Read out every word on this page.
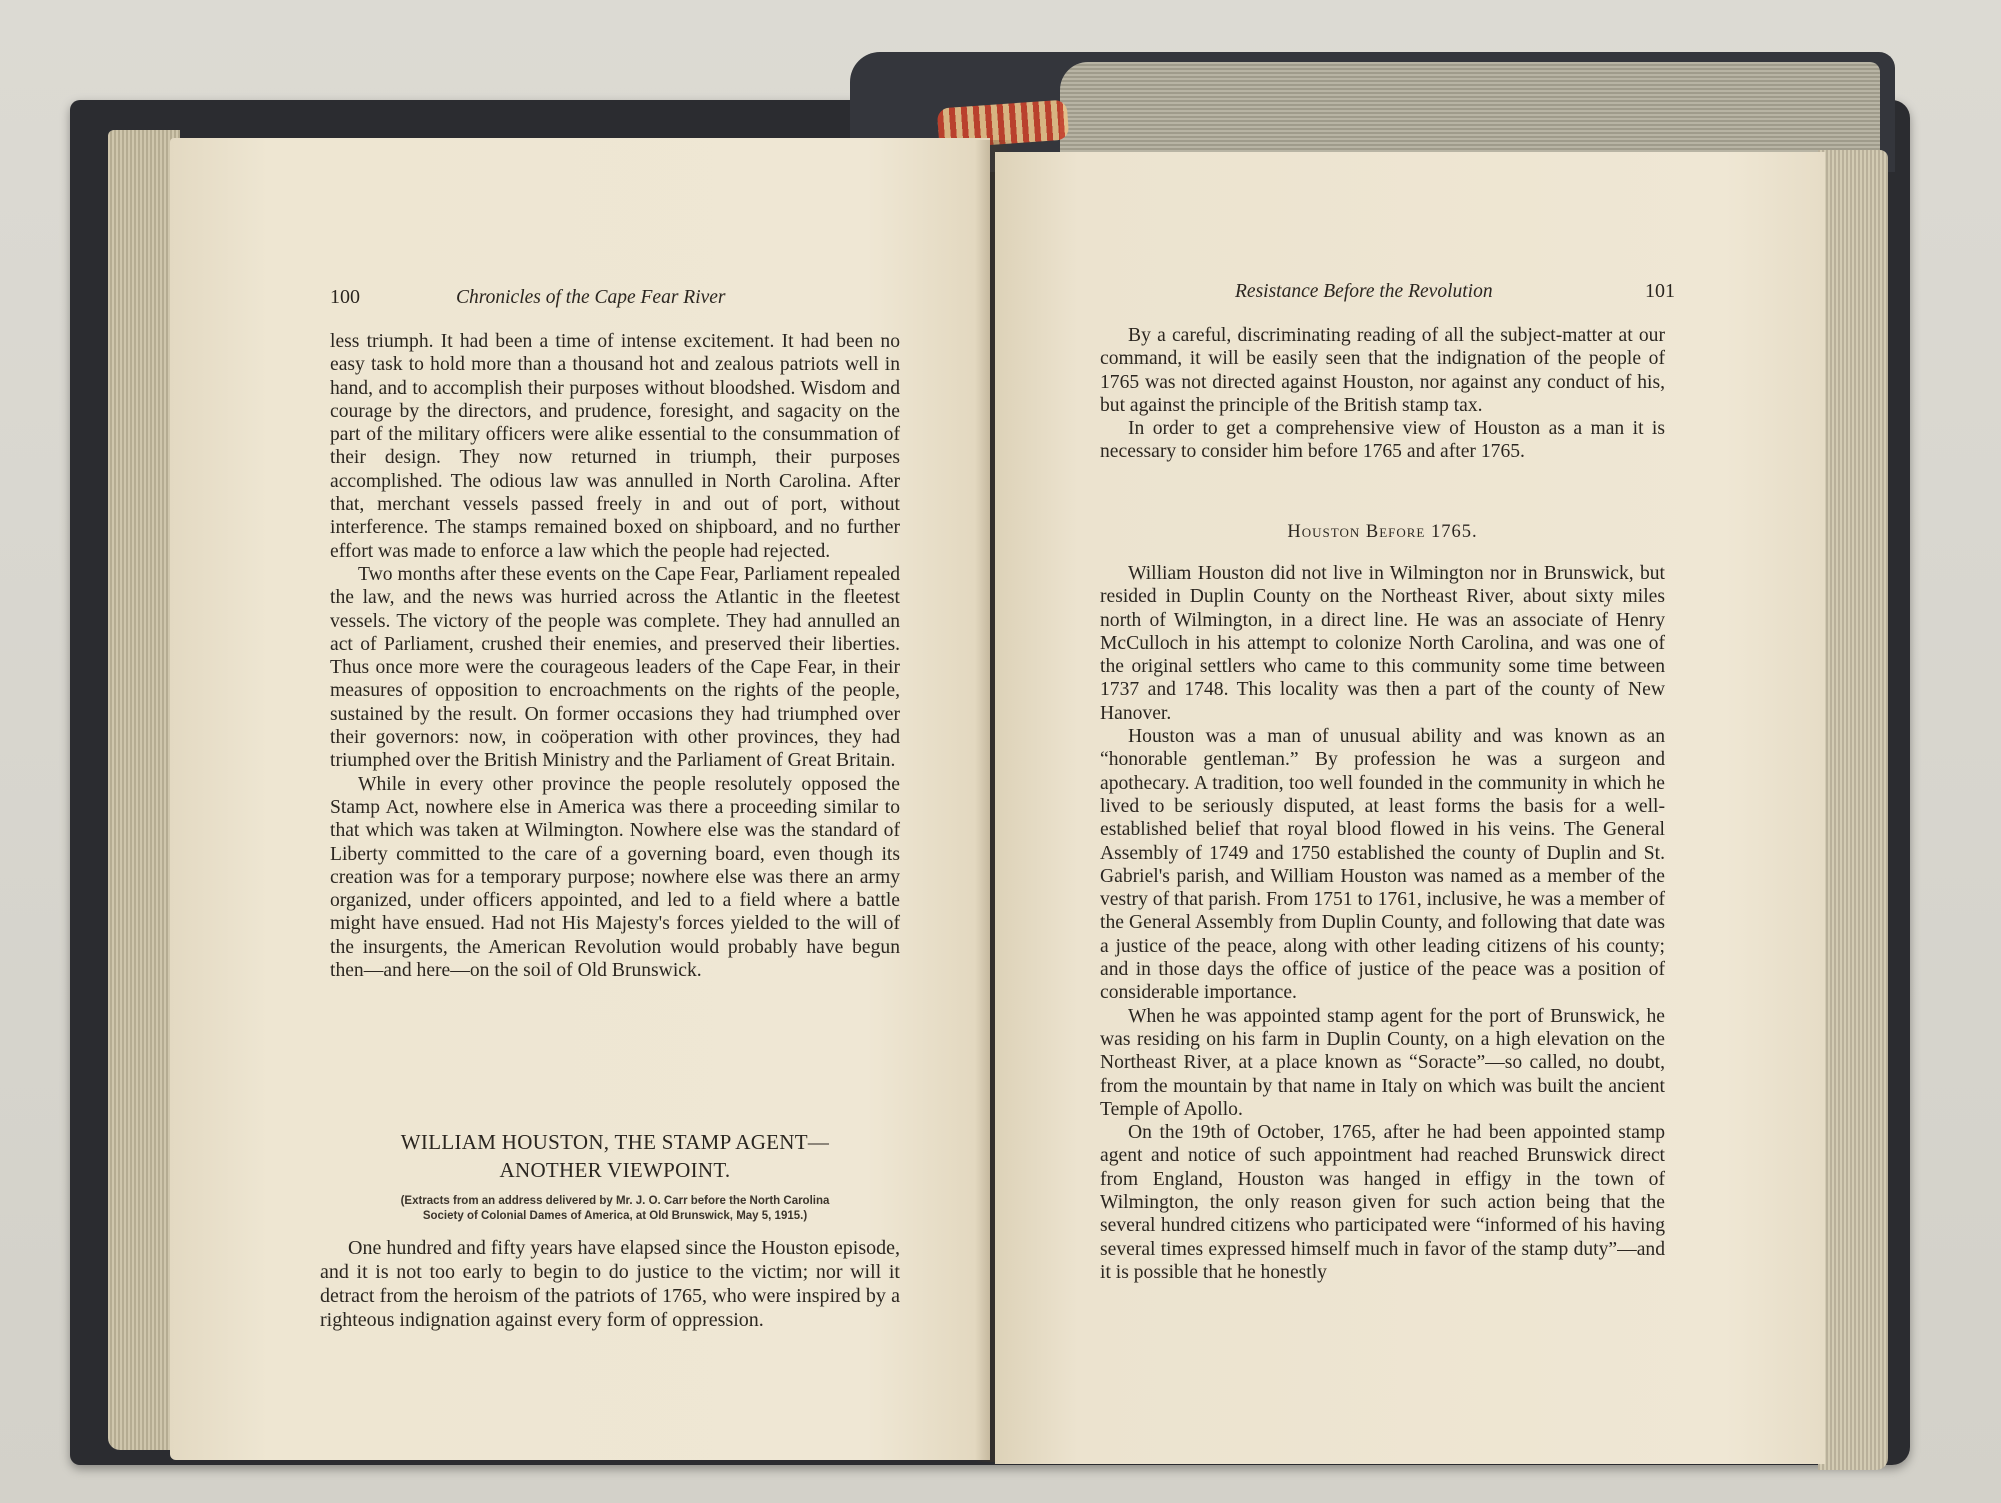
100	Chronicles of the Cape Fear River

less triumph. It had been a time of intense excitement. It had been no easy task to hold more than a thousand hot and zealous patriots well in hand, and to accomplish their purposes without bloodshed. Wisdom and courage by the directors, and prudence, foresight, and sagacity on the part of the military officers were alike essential to the consummation of their design. They now returned in triumph, their purposes accomplished. The odious law was annulled in North Carolina. After that, merchant vessels passed freely in and out of port, without interference. The stamps remained boxed on shipboard, and no further effort was made to enforce a law which the people had rejected.

Two months after these events on the Cape Fear, Parliament repealed the law, and the news was hurried across the Atlantic in the fleetest vessels. The victory of the people was complete. They had annulled an act of Parliament, crushed their enemies, and preserved their liberties. Thus once more were the courageous leaders of the Cape Fear, in their measures of opposition to encroachments on the rights of the people, sustained by the result. On former occasions they had triumphed over their governors: now, in coöperation with other provinces, they had triumphed over the British Ministry and the Parliament of Great Britain.

While in every other province the people resolutely opposed the Stamp Act, nowhere else in America was there a proceeding similar to that which was taken at Wilmington. Nowhere else was the standard of Liberty committed to the care of a governing board, even though its creation was for a temporary purpose; nowhere else was there an army organized, under officers appointed, and led to a field where a battle might have ensued. Had not His Majesty's forces yielded to the will of the insurgents, the American Revolution would probably have begun then—and here—on the soil of Old Brunswick.

WILLIAM HOUSTON, THE STAMP AGENT—
ANOTHER VIEWPOINT.
(Extracts from an address delivered by Mr. J. O. Carr before the North Carolina
Society of Colonial Dames of America, at Old Brunswick, May 5, 1915.)

One hundred and fifty years have elapsed since the Houston episode, and it is not too early to begin to do justice to the victim; nor will it detract from the heroism of the patriots of 1765, who were inspired by a righteous indignation against every form of oppression.

Resistance Before the Revolution	101

By a careful, discriminating reading of all the subject-matter at our command, it will be easily seen that the indignation of the people of 1765 was not directed against Houston, nor against any conduct of his, but against the principle of the British stamp tax.

In order to get a comprehensive view of Houston as a man it is necessary to consider him before 1765 and after 1765.

Houston Before 1765.

William Houston did not live in Wilmington nor in Brunswick, but resided in Duplin County on the Northeast River, about sixty miles north of Wilmington, in a direct line. He was an associate of Henry McCulloch in his attempt to colonize North Carolina, and was one of the original settlers who came to this community some time between 1737 and 1748. This locality was then a part of the county of New Hanover.

Houston was a man of unusual ability and was known as an “honorable gentleman.” By profession he was a surgeon and apothecary. A tradition, too well founded in the community in which he lived to be seriously disputed, at least forms the basis for a well-established belief that royal blood flowed in his veins. The General Assembly of 1749 and 1750 established the county of Duplin and St. Gabriel's parish, and William Houston was named as a member of the vestry of that parish. From 1751 to 1761, inclusive, he was a member of the General Assembly from Duplin County, and following that date was a justice of the peace, along with other leading citizens of his county; and in those days the office of justice of the peace was a position of considerable importance.

When he was appointed stamp agent for the port of Brunswick, he was residing on his farm in Duplin County, on a high elevation on the Northeast River, at a place known as “Soracte”—so called, no doubt, from the mountain by that name in Italy on which was built the ancient Temple of Apollo.

On the 19th of October, 1765, after he had been appointed stamp agent and notice of such appointment had reached Brunswick direct from England, Houston was hanged in effigy in the town of Wilmington, the only reason given for such action being that the several hundred citizens who participated were “informed of his having several times expressed himself much in favor of the stamp duty”—and it is possible that he honestly
